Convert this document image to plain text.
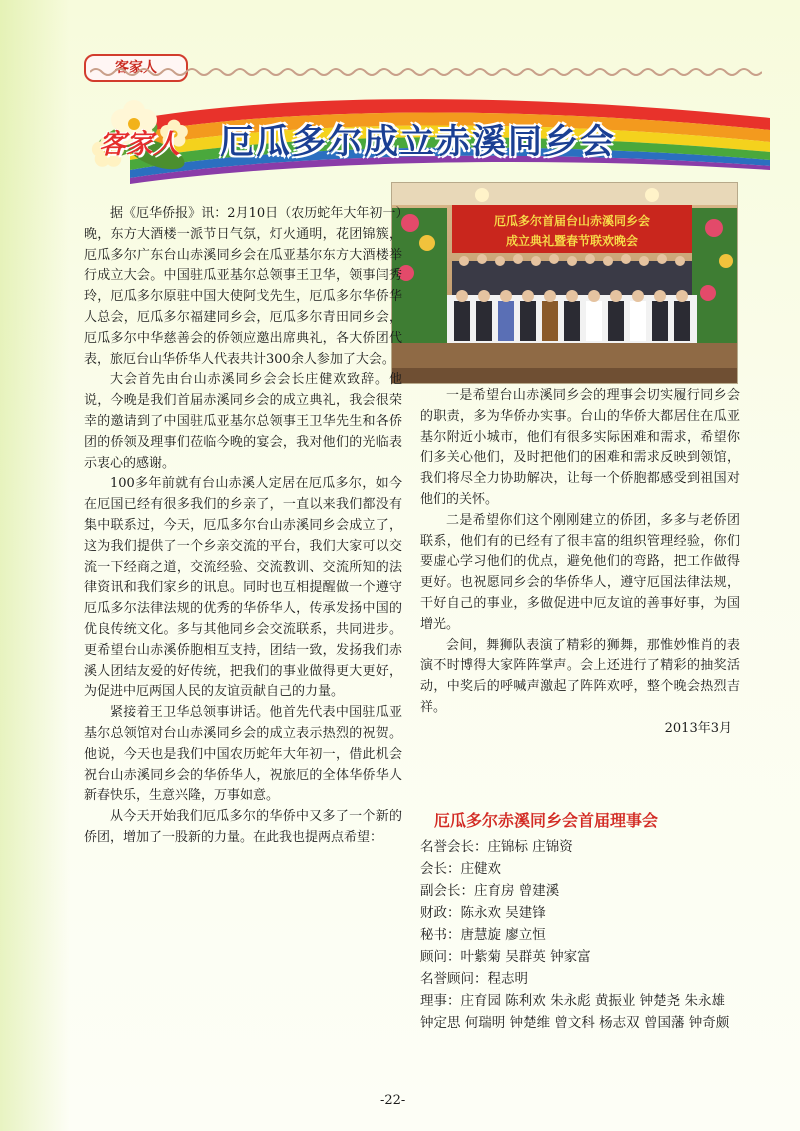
客家人
客家人 厄瓜多尔成立赤溪同乡会
厄瓜多尔首届台山赤溪同乡会
成立典礼暨春节联欢晚会

据《厄华侨报》讯：2月10日（农历蛇年大年初一）晚，东方大酒楼一派节日气氛，灯火通明，花团锦簇，厄瓜多尔广东台山赤溪同乡会在瓜亚基尔东方大酒楼举行成立大会。中国驻瓜亚基尔总领事王卫华，领事闫秀玲，厄瓜多尔原驻中国大使阿戈先生，厄瓜多尔华侨华人总会，厄瓜多尔福建同乡会，厄瓜多尔青田同乡会，厄瓜多尔中华慈善会的侨领应邀出席典礼，各大侨团代表，旅厄台山华侨华人代表共计300余人参加了大会。

大会首先由台山赤溪同乡会会长庄健欢致辞。他说，今晚是我们首届赤溪同乡会的成立典礼，我会很荣幸的邀请到了中国驻瓜亚基尔总领事王卫华先生和各侨团的侨领及理事们莅临今晚的宴会，我对他们的光临表示衷心的感谢。

100多年前就有台山赤溪人定居在厄瓜多尔，如今在厄国已经有很多我们的乡亲了，一直以来我们都没有集中联系过，今天，厄瓜多尔台山赤溪同乡会成立了，这为我们提供了一个乡亲交流的平台，我们大家可以交流一下经商之道，交流经验、交流教训、交流所知的法律资讯和我们家乡的讯息。同时也互相提醒做一个遵守厄瓜多尔法律法规的优秀的华侨华人，传承发扬中国的优良传统文化。多与其他同乡会交流联系，共同进步。更希望台山赤溪侨胞相互支持，团结一致，发扬我们赤溪人团结友爱的好传统，把我们的事业做得更大更好，为促进中厄两国人民的友谊贡献自己的力量。

紧接着王卫华总领事讲话。他首先代表中国驻瓜亚基尔总领馆对台山赤溪同乡会的成立表示热烈的祝贺。他说，今天也是我们中国农历蛇年大年初一，借此机会祝台山赤溪同乡会的华侨华人，祝旅厄的全体华侨华人新春快乐，生意兴隆，万事如意。

从今天开始我们厄瓜多尔的华侨中又多了一个新的侨团，增加了一股新的力量。在此我也提两点希望：

一是希望台山赤溪同乡会的理事会切实履行同乡会的职责，多为华侨办实事。台山的华侨大都居住在瓜亚基尔附近小城市，他们有很多实际困难和需求，希望你们多关心他们，及时把他们的困难和需求反映到领馆，我们将尽全力协助解决，让每一个侨胞都感受到祖国对他们的关怀。

二是希望你们这个刚刚建立的侨团，多多与老侨团联系，他们有的已经有了很丰富的组织管理经验，你们要虚心学习他们的优点，避免他们的弯路，把工作做得更好。也祝愿同乡会的华侨华人，遵守厄国法律法规，干好自己的事业，多做促进中厄友谊的善事好事，为国增光。

会间，舞狮队表演了精彩的狮舞，那惟妙惟肖的表演不时博得大家阵阵掌声。会上还进行了精彩的抽奖活动，中奖后的呼喊声激起了阵阵欢呼，整个晚会热烈吉祥。

2013年3月

厄瓜多尔赤溪同乡会首届理事会

名誉会长：庄锦标 庄锦资

会长：庄健欢

副会长：庄育房 曾建溪

财政：陈永欢 吴建锋

秘书：唐慧旋 廖立恒

顾问：叶紫菊 吴群英 钟家富

名誉顾问：程志明

理事：庄育园 陈利欢 朱永彪 黄振业 钟楚尧 朱永雄 钟定思 何瑞明 钟楚维 曾文科 杨志双 曾国藩 钟奇颇

-22-
